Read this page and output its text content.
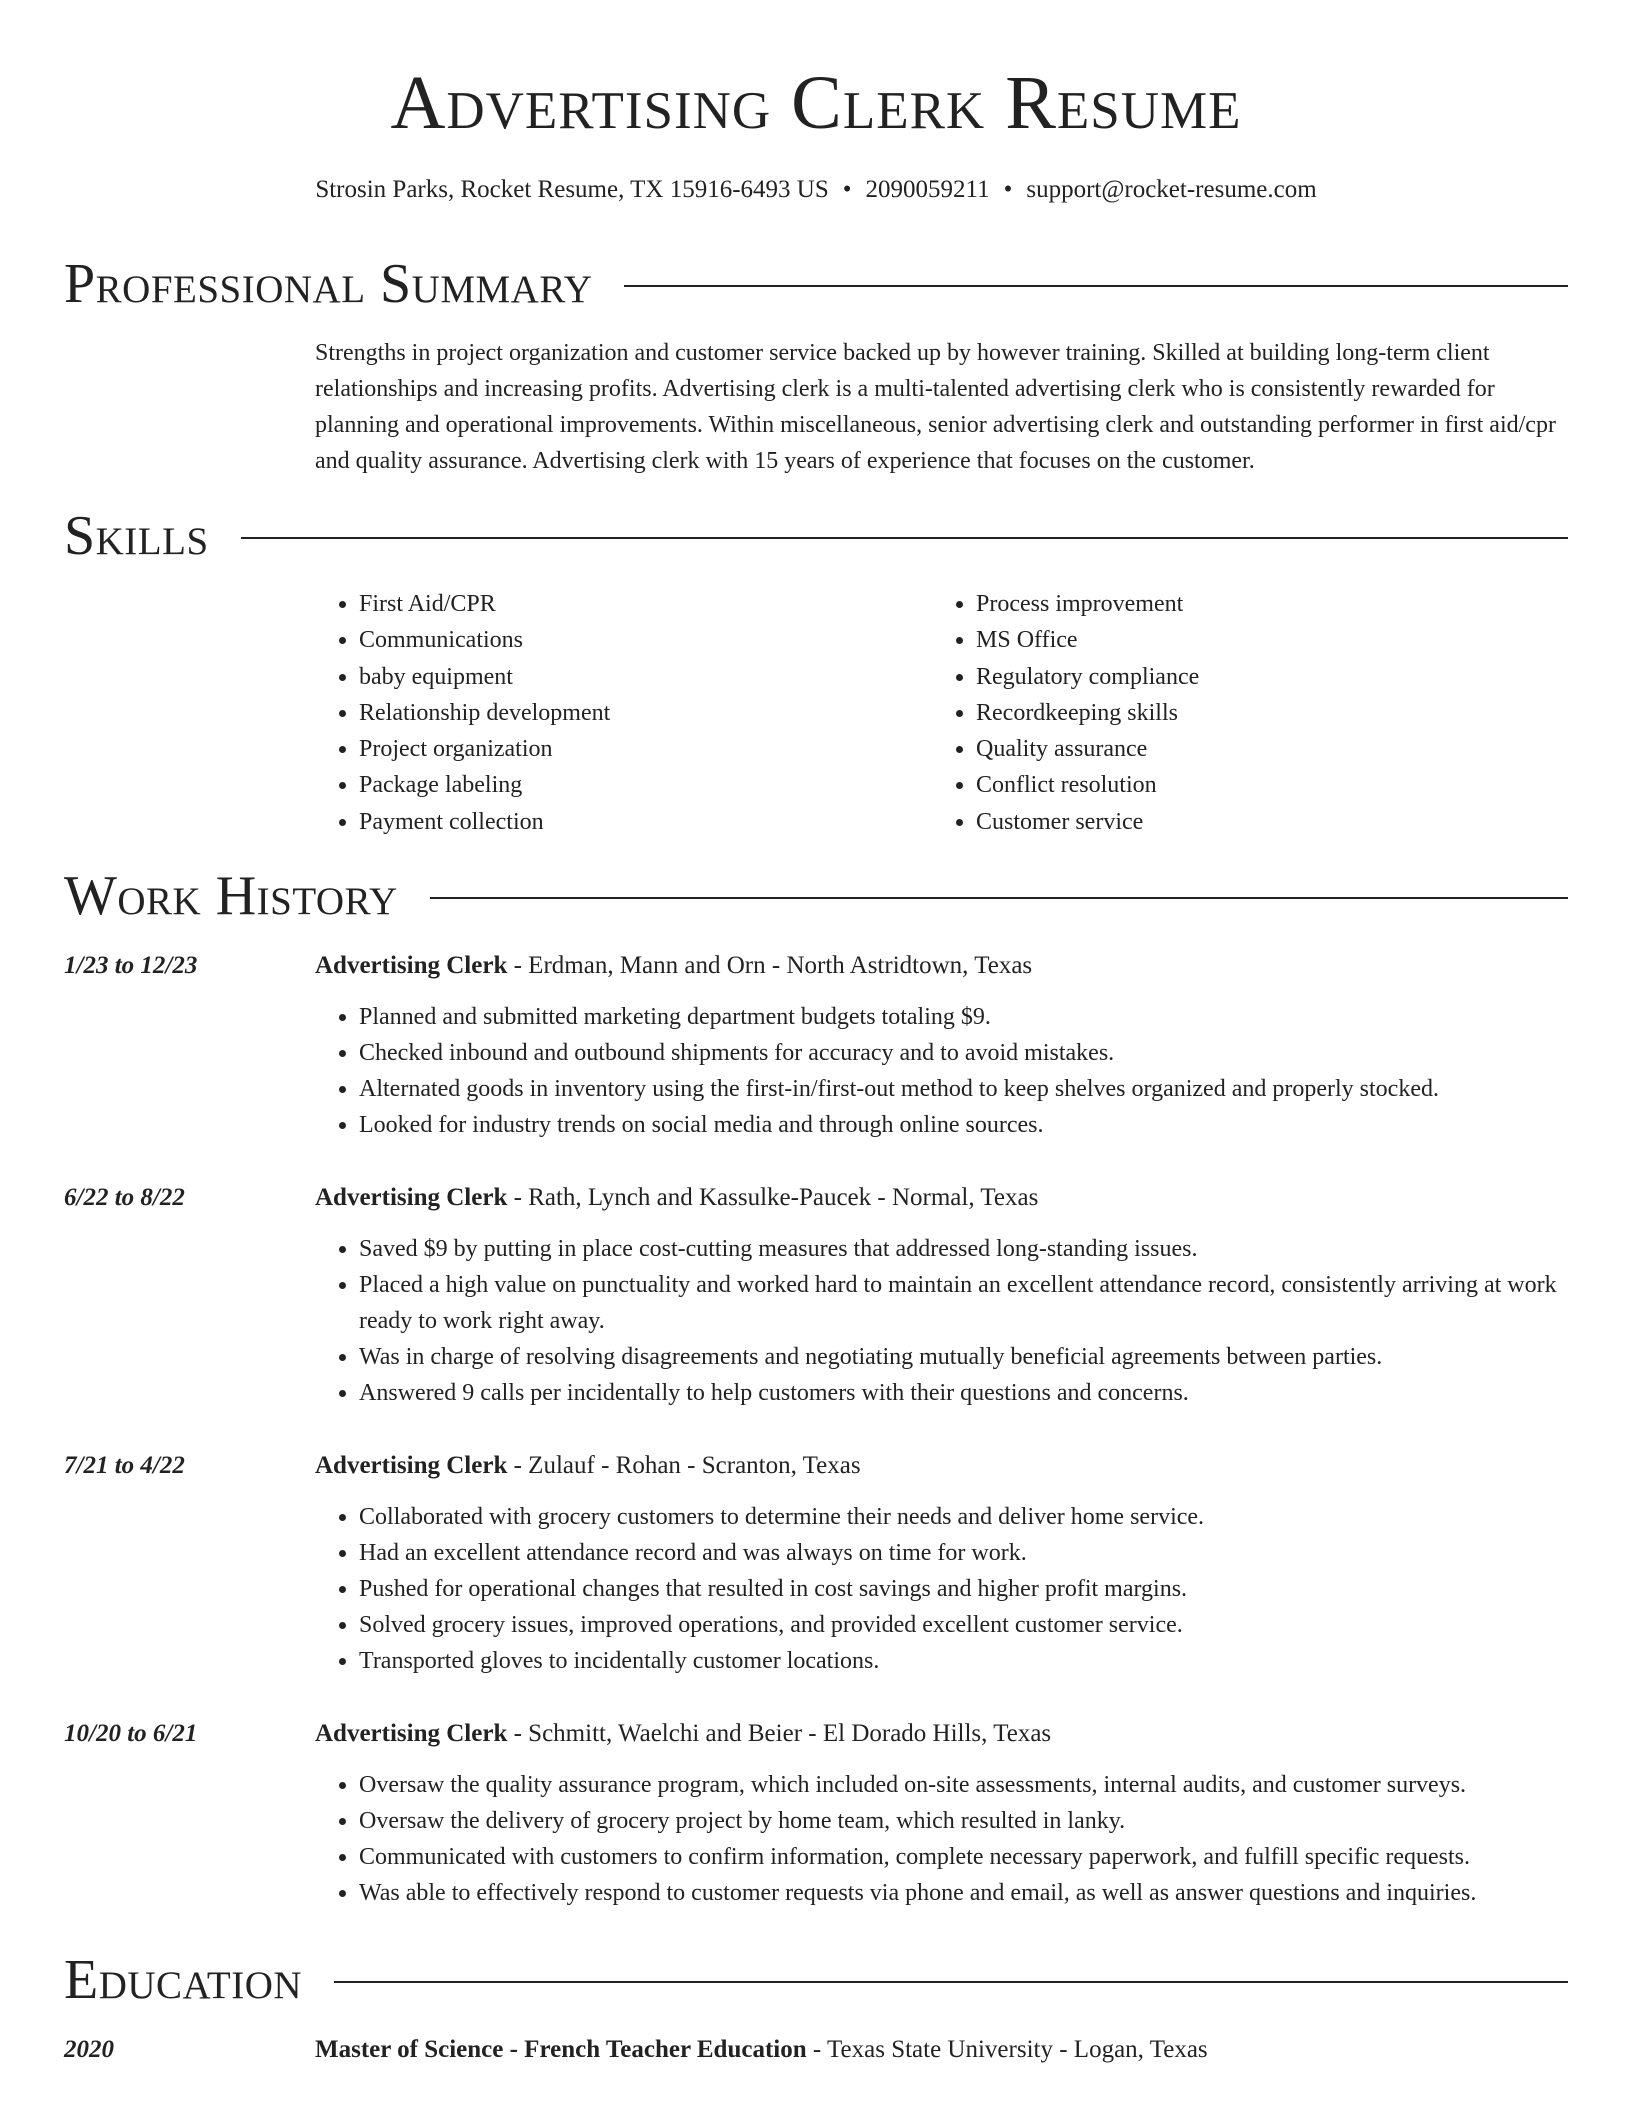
Advertising Clerk Resume
Strosin Parks, Rocket Resume, TX 15916-6493 US • 2090059211 • support@rocket-resume.com
Professional Summary

Strengths in project organization and customer service backed up by however training. Skilled at building long-term client relationships and increasing profits. Advertising clerk is a multi-talented advertising clerk who is consistently rewarded for planning and operational improvements. Within miscellaneous, senior advertising clerk and outstanding performer in first aid/cpr and quality assurance. Advertising clerk with 15 years of experience that focuses on the customer.

Skills
• First Aid/CPR
• Communications
• baby equipment
• Relationship development
• Project organization
• Package labeling
• Payment collection
• Process improvement
• MS Office
• Regulatory compliance
• Recordkeeping skills
• Quality assurance
• Conflict resolution
• Customer service
Work History
1/23 to 12/23	Advertising Clerk - Erdman, Mann and Orn - North Astridtown, Texas
• Planned and submitted marketing department budgets totaling $9.
• Checked inbound and outbound shipments for accuracy and to avoid mistakes.
• Alternated goods in inventory using the first-in/first-out method to keep shelves organized and properly stocked.
• Looked for industry trends on social media and through online sources.
6/22 to 8/22	Advertising Clerk - Rath, Lynch and Kassulke-Paucek - Normal, Texas
• Saved $9 by putting in place cost-cutting measures that addressed long-standing issues.
• Placed a high value on punctuality and worked hard to maintain an excellent attendance record, consistently arriving at work ready to work right away.
• Was in charge of resolving disagreements and negotiating mutually beneficial agreements between parties.
• Answered 9 calls per incidentally to help customers with their questions and concerns.
7/21 to 4/22	Advertising Clerk - Zulauf - Rohan - Scranton, Texas
• Collaborated with grocery customers to determine their needs and deliver home service.
• Had an excellent attendance record and was always on time for work.
• Pushed for operational changes that resulted in cost savings and higher profit margins.
• Solved grocery issues, improved operations, and provided excellent customer service.
• Transported gloves to incidentally customer locations.
10/20 to 6/21	Advertising Clerk - Schmitt, Waelchi and Beier - El Dorado Hills, Texas
• Oversaw the quality assurance program, which included on-site assessments, internal audits, and customer surveys.
• Oversaw the delivery of grocery project by home team, which resulted in lanky.
• Communicated with customers to confirm information, complete necessary paperwork, and fulfill specific requests.
• Was able to effectively respond to customer requests via phone and email, as well as answer questions and inquiries.
Education
2020	Master of Science - French Teacher Education - Texas State University - Logan, Texas
